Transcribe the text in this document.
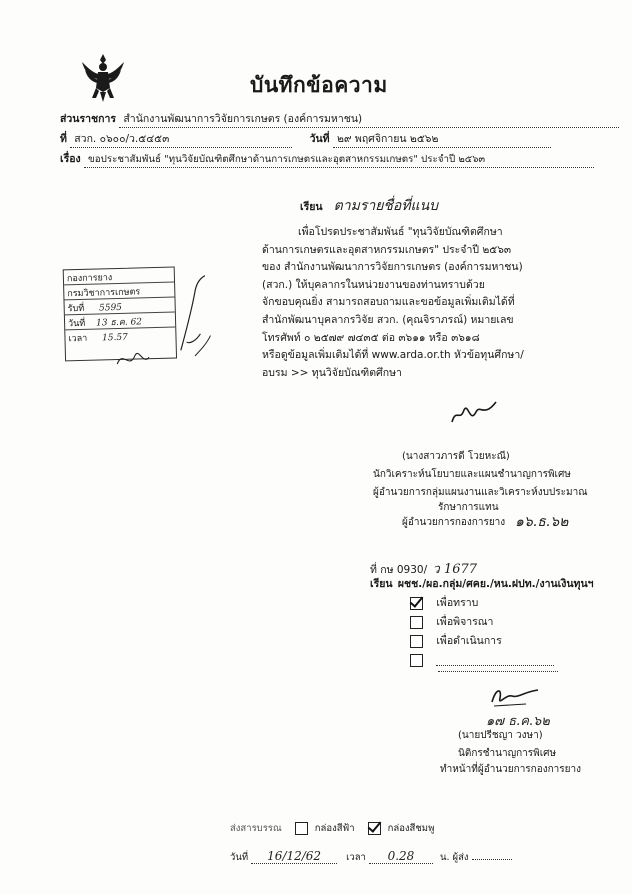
บันทึกข้อความ
ส่วนราชการ สำนักงานพัฒนาการวิจัยการเกษตร (องค์การมหาชน)
ที่ สวก. ๐๖๐๐/ว.๕๔๕๓	วันที่ ๒๙ พฤศจิกายน ๒๕๖๒
เรื่อง ขอประชาสัมพันธ์ "ทุนวิจัยบัณฑิตศึกษาด้านการเกษตรและอุตสาหกรรมเกษตร" ประจำปี ๒๕๖๓
เรียน ตามรายชื่อที่แนบ
เพื่อโปรดประชาสัมพันธ์ "ทุนวิจัยบัณฑิตศึกษา
ด้านการเกษตรและอุตสาหกรรมเกษตร" ประจำปี ๒๕๖๓
ของ สำนักงานพัฒนาการวิจัยการเกษตร (องค์การมหาชน)
(สวก.) ให้บุคลากรในหน่วยงานของท่านทราบด้วย
จักขอบคุณยิ่ง สามารถสอบถามและขอข้อมูลเพิ่มเติมได้ที่
สำนักพัฒนาบุคลากรวิจัย สวก. (คุณจิราภรณ์) หมายเลข
โทรศัพท์ ๐ ๒๕๗๙ ๗๔๓๕ ต่อ ๓๖๑๑ หรือ ๓๖๑๘
หรือดูข้อมูลเพิ่มเติมได้ที่ www.arda.or.th หัวข้อทุนศึกษา/
อบรม >> ทุนวิจัยบัณฑิตศึกษา
กองการยาง
กรมวิชาการเกษตร
รับที่ 5595
วันที่ 13 ธ.ค. 62
เวลา 15.57
(นางสาวภารดี โวยหะณี)
นักวิเคราะห์นโยบายและแผนชำนาญการพิเศษ
ผู้อำนวยการกลุ่มแผนงานและวิเคราะห์งบประมาณ
รักษาการแทน
ผู้อำนวยการกองการยาง ๑๖.ธ.๖๒
ที่ กษ 0930/ ว 1677
เรียน ผชช./ผอ.กลุ่ม/ศคย./หน.ฝปท./งานเงินทุนฯ
เพื่อทราบ
เพื่อพิจารณา
เพื่อดำเนินการ

๑๗ ธ.ค.๖๒
(นายปรีชญา วงษา)
นิติกรชำนาญการพิเศษ
ทำหน้าที่ผู้อำนวยการกองการยาง
ส่งสารบรรณ	กล่องสีฟ้า	กล่องสีชมพู
วันที่ 16/12/62	เวลา 0.28	น. ผู้ส่ง
